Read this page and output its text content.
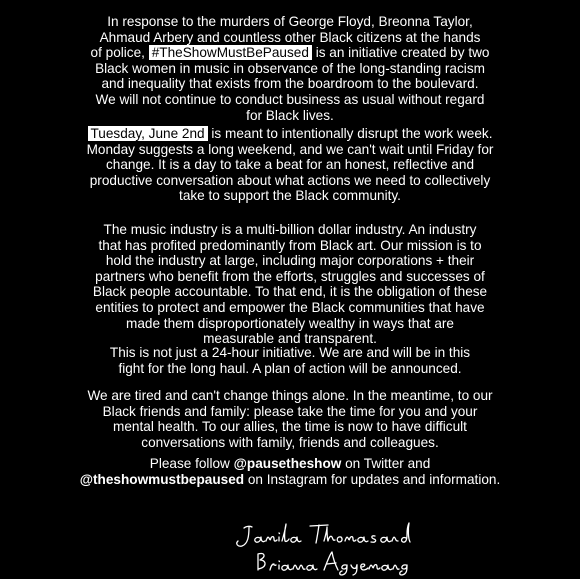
In response to the murders of George Floyd, Breonna Taylor,
Ahmaud Arbery and countless other Black citizens at the hands
of police, #TheShowMustBePaused is an initiative created by two
Black women in music in observance of the long-standing racism
and inequality that exists from the boardroom to the boulevard.
We will not continue to conduct business as usual without regard
for Black lives.

Tuesday, June 2nd is meant to intentionally disrupt the work week.
Monday suggests a long weekend, and we can't wait until Friday for
change. It is a day to take a beat for an honest, reflective and
productive conversation about what actions we need to collectively
take to support the Black community.

The music industry is a multi-billion dollar industry. An industry
that has profited predominantly from Black art. Our mission is to
hold the industry at large, including major corporations + their
partners who benefit from the efforts, struggles and successes of
Black people accountable. To that end, it is the obligation of these
entities to protect and empower the Black communities that have
made them disproportionately wealthy in ways that are
measurable and transparent.

This is not just a 24-hour initiative. We are and will be in this
fight for the long haul. A plan of action will be announced.

We are tired and can't change things alone. In the meantime, to our
Black friends and family: please take the time for you and your
mental health. To our allies, the time is now to have difficult
conversations with family, friends and colleagues.

Please follow @pausetheshow on Twitter and
@theshowmustbepaused on Instagram for updates and information.
